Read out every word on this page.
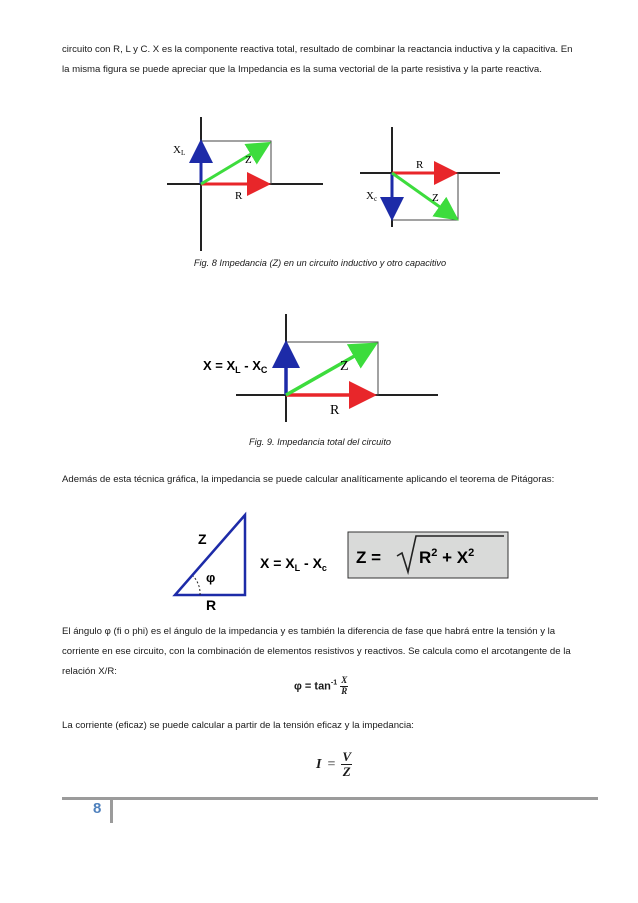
circuito con R, L y C. X es la componente reactiva total, resultado de combinar la reactancia inductiva y la capacitiva. En la misma figura se puede apreciar que la Impedancia es la suma vectorial de la parte resistiva y la parte reactiva.
XL
Z
R
R
Xc	Z
Fig. 8 Impedancia (Z) en un circuito inductivo y otro capacitivo
$X = X_L - X_C$	Z
R
Fig. 9. Impedancia total del circuito
Además de esta técnica gráfica, la impedancia se puede calcular analíticamente aplicando el teorema de Pitágoras:
Z
φ
R
$X = X_L - X_c$
$Z = R^2 + X^2$
El ángulo φ (fi o phi) es el ángulo de la impedancia y es también la diferencia de fase que habrá entre la tensión y la corriente en ese circuito, con la combinación de elementos resistivos y reactivos. Se calcula como el arcotangente de la relación X/R:
$\varphi = \tan^{-1} \frac{X}{R}$
La corriente (eficaz) se puede calcular a partir de la tensión eficaz y la impedancia:
$I = \frac{V}{Z}$
8
